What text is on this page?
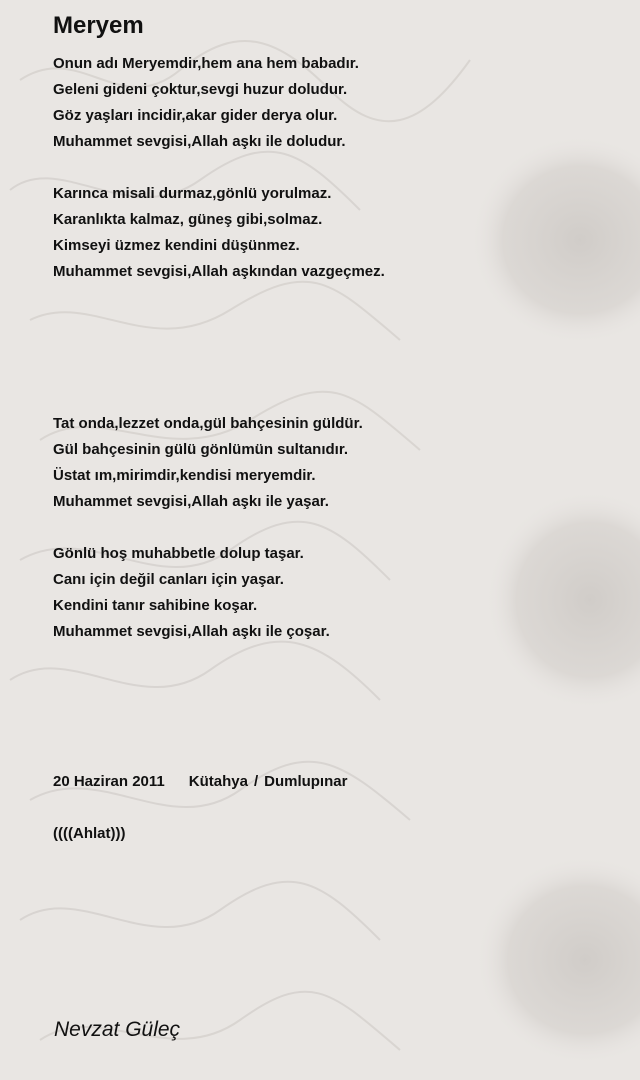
Meryem
Onun adı Meryemdir,hem ana hem babadır.
Geleni gideni çoktur,sevgi huzur doludur.
Göz yaşları incidir,akar gider derya olur.
Muhammet sevgisi,Allah aşkı ile doludur.
Karınca misali durmaz,gönlü yorulmaz.
Karanlıkta kalmaz, güneş gibi,solmaz.
Kimseyi üzmez kendini düşünmez.
Muhammet sevgisi,Allah aşkından vazgeçmez.
Tat onda,lezzet onda,gül bahçesinin güldür.
Gül bahçesinin gülü gönlümün sultanıdır.
Üstat ım,mirimdir,kendisi meryemdir.
Muhammet sevgisi,Allah aşkı ile yaşar.
Gönlü hoş muhabbetle dolup taşar.
Canı için değil canları için yaşar.
Kendini tanır sahibine koşar.
Muhammet sevgisi,Allah aşkı ile çoşar.
20 Haziran 2011 Kütahya / Dumlupınar
((((Ahlat)))
Nevzat Güleç
